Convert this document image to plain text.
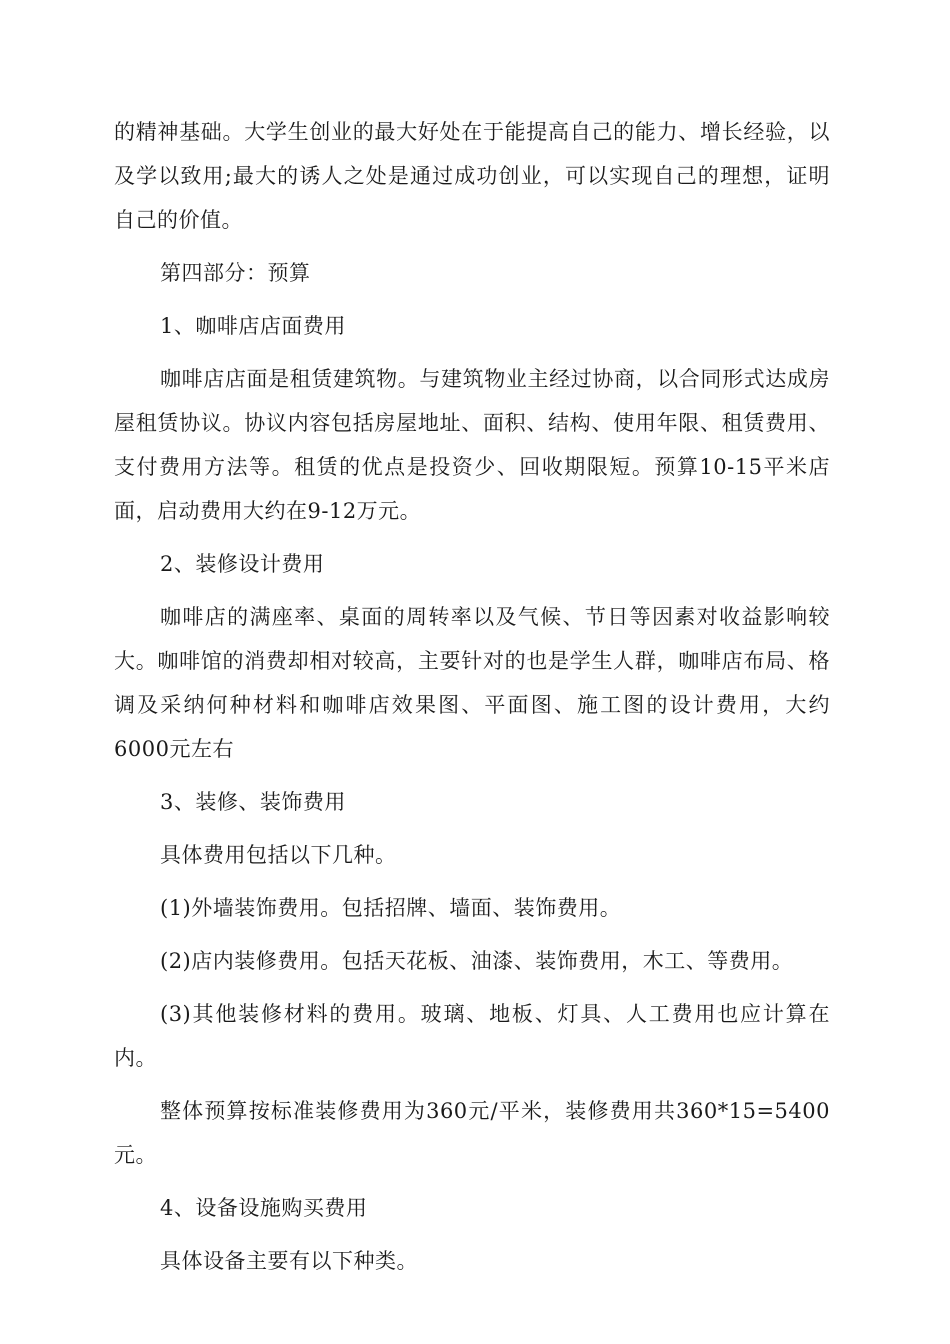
的精神基础。大学生创业的最大好处在于能提高自己的能力、增长经验，以及学以致用;最大的诱人之处是通过成功创业，可以实现自己的理想，证明自己的价值。

第四部分：预算

1、咖啡店店面费用

咖啡店店面是租赁建筑物。与建筑物业主经过协商，以合同形式达成房屋租赁协议。协议内容包括房屋地址、面积、结构、使用年限、租赁费用、支付费用方法等。租赁的优点是投资少、回收期限短。预算10-15平米店面，启动费用大约在9-12万元。

2、装修设计费用

咖啡店的满座率、桌面的周转率以及气候、节日等因素对收益影响较大。咖啡馆的消费却相对较高，主要针对的也是学生人群，咖啡店布局、格调及采纳何种材料和咖啡店效果图、平面图、施工图的设计费用，大约6000元左右

3、装修、装饰费用

具体费用包括以下几种。

(1)外墙装饰费用。包括招牌、墙面、装饰费用。

(2)店内装修费用。包括天花板、油漆、装饰费用，木工、等费用。

(3)其他装修材料的费用。玻璃、地板、灯具、人工费用也应计算在内。

整体预算按标准装修费用为360元/平米，装修费用共360*15=5400元。

4、设备设施购买费用

具体设备主要有以下种类。
